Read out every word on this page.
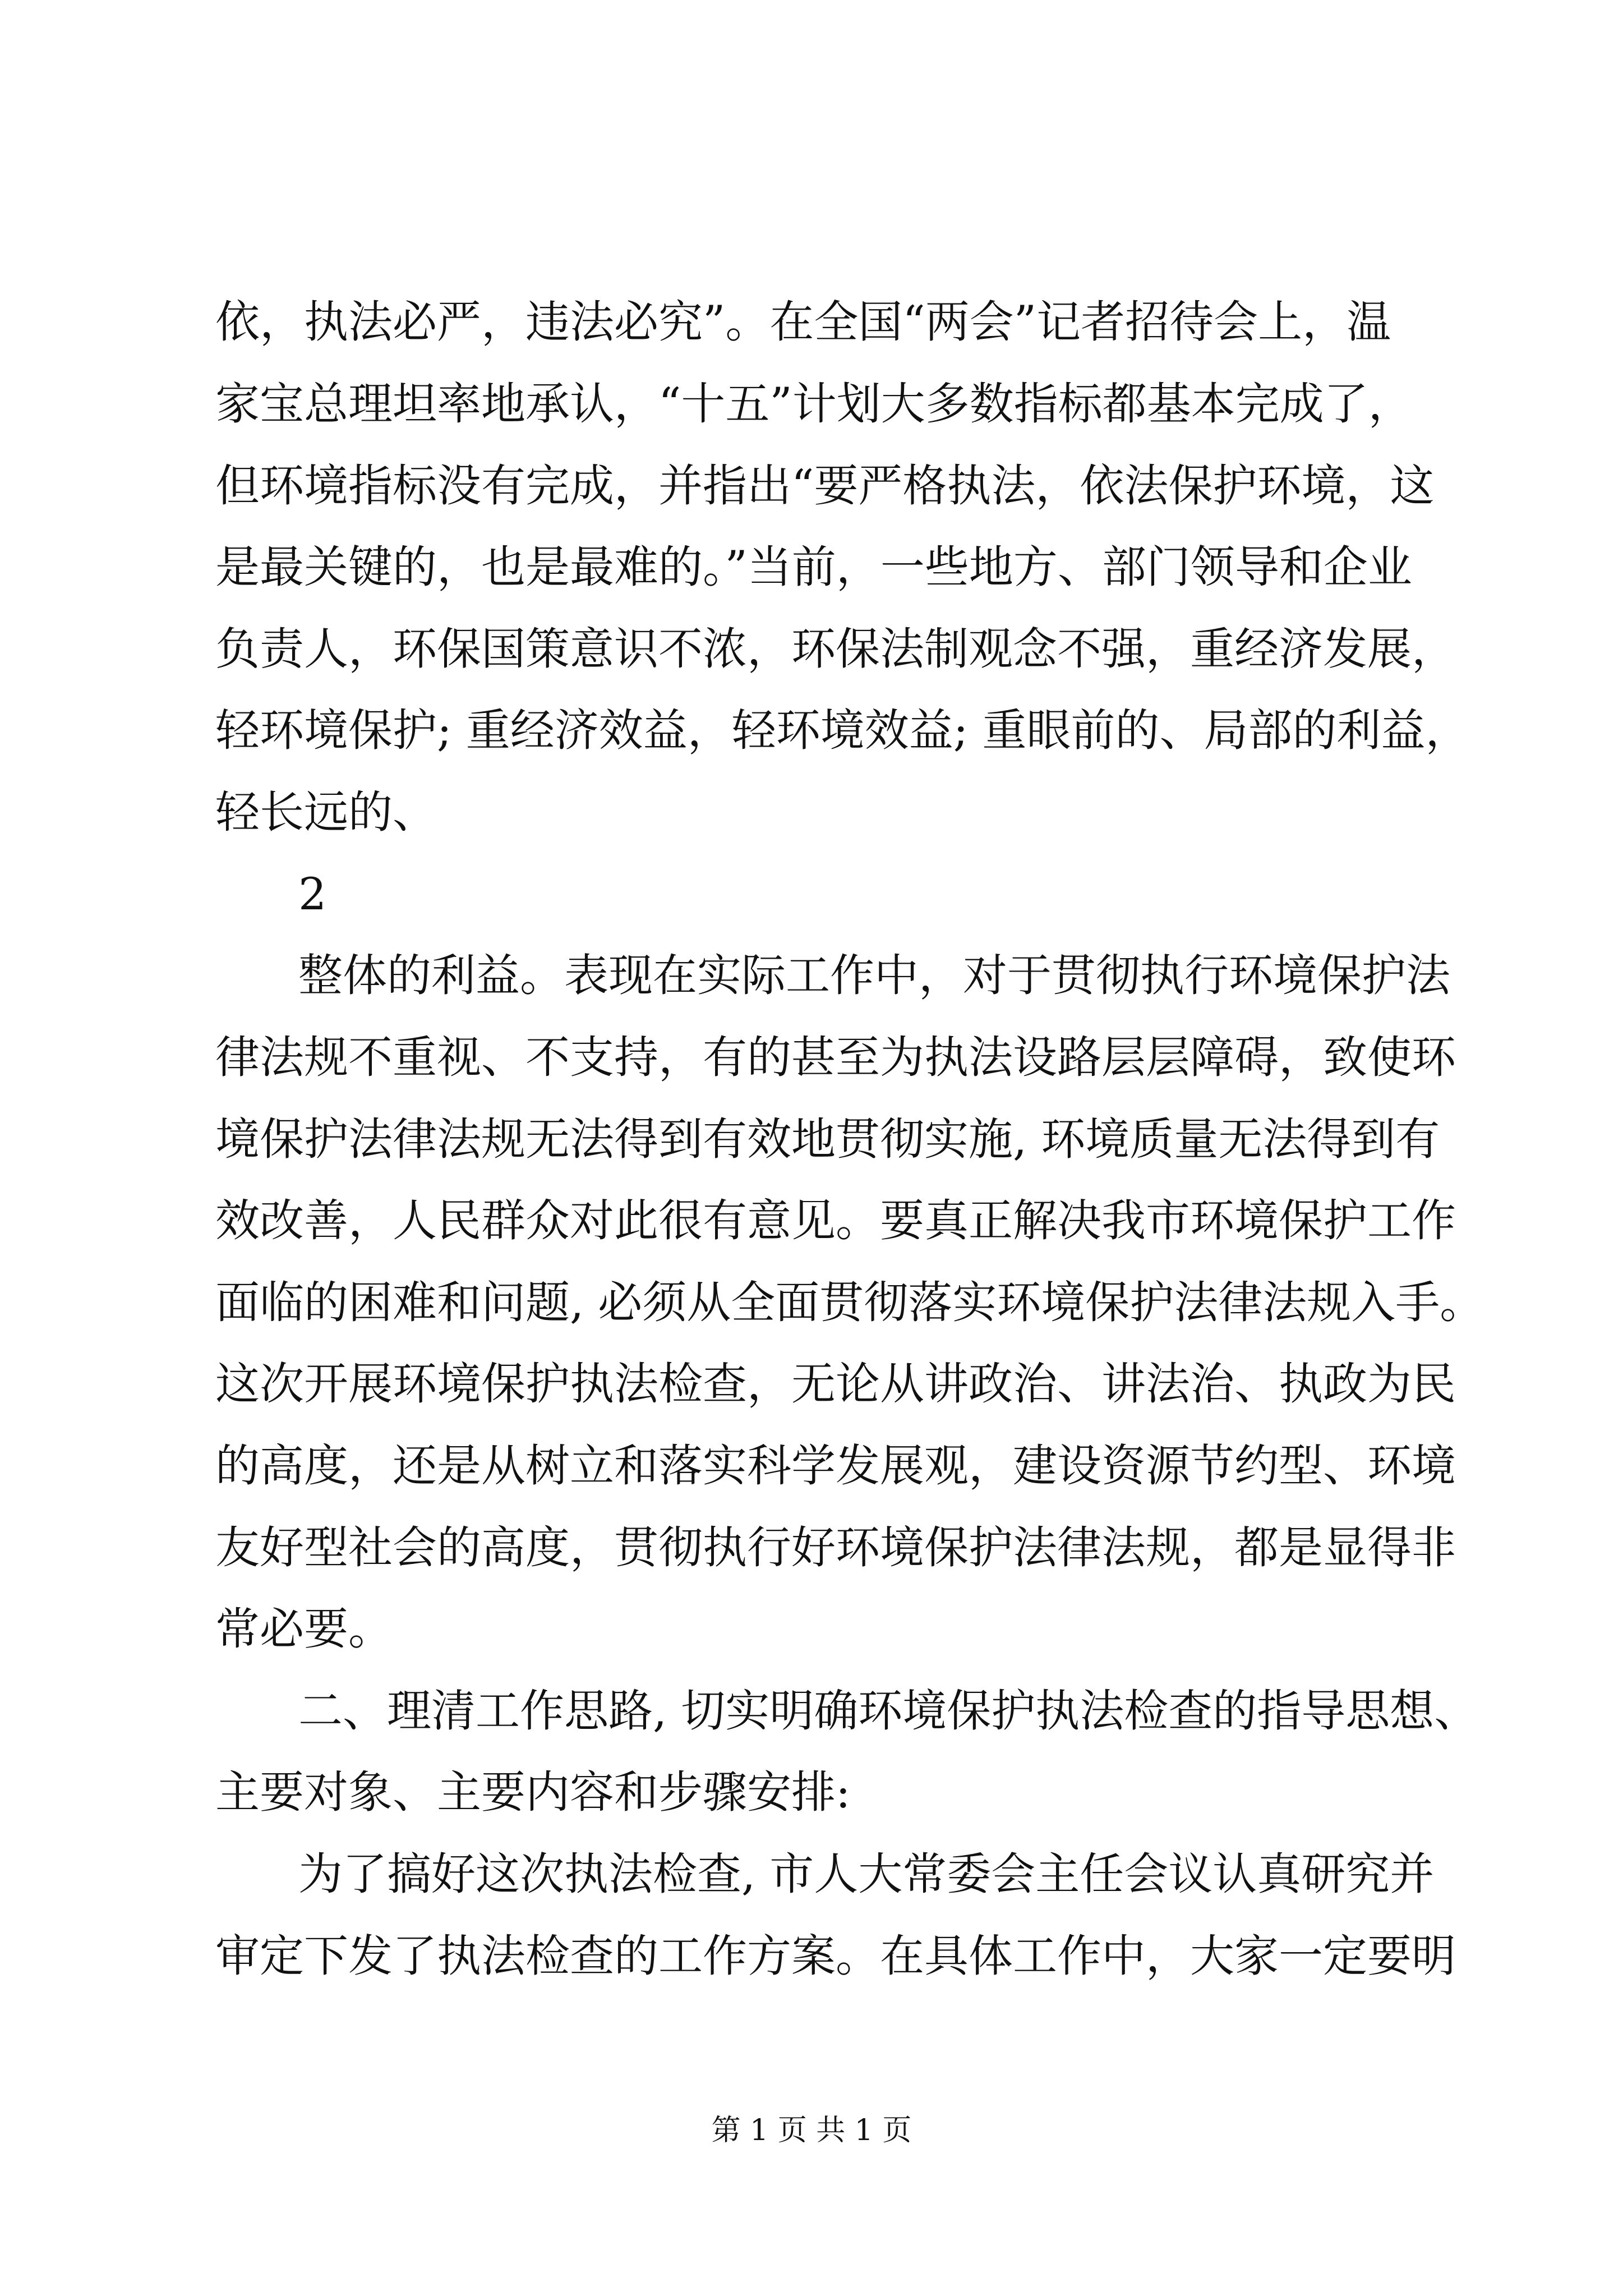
依，执法必严，违法必究”。在全国“两会”记者招待会上，温
家宝总理坦率地承认，“十五”计划大多数指标都基本完成了，
但环境指标没有完成，并指出“要严格执法，依法保护环境，这
是最关键的，也是最难的。”当前，一些地方、部门领导和企业
负责人，环保国策意识不浓，环保法制观念不强，重经济发展，
轻环境保护; 重经济效益，轻环境效益; 重眼前的、局部的利益，
轻长远的、
2
整体的利益。表现在实际工作中，对于贯彻执行环境保护法
律法规不重视、不支持，有的甚至为执法设路层层障碍，致使环
境保护法律法规无法得到有效地贯彻实施, 环境质量无法得到有
效改善，人民群众对此很有意见。要真正解决我市环境保护工作
面临的困难和问题, 必须从全面贯彻落实环境保护法律法规入手。
这次开展环境保护执法检查，无论从讲政治、讲法治、执政为民
的高度，还是从树立和落实科学发展观，建设资源节约型、环境
友好型社会的高度，贯彻执行好环境保护法律法规，都是显得非
常必要。
二、理清工作思路, 切实明确环境保护执法检查的指导思想、
主要对象、主要内容和步骤安排:
为了搞好这次执法检查, 市人大常委会主任会议认真研究并
审定下发了执法检查的工作方案。在具体工作中，大家一定要明
第 1 页 共 1 页
